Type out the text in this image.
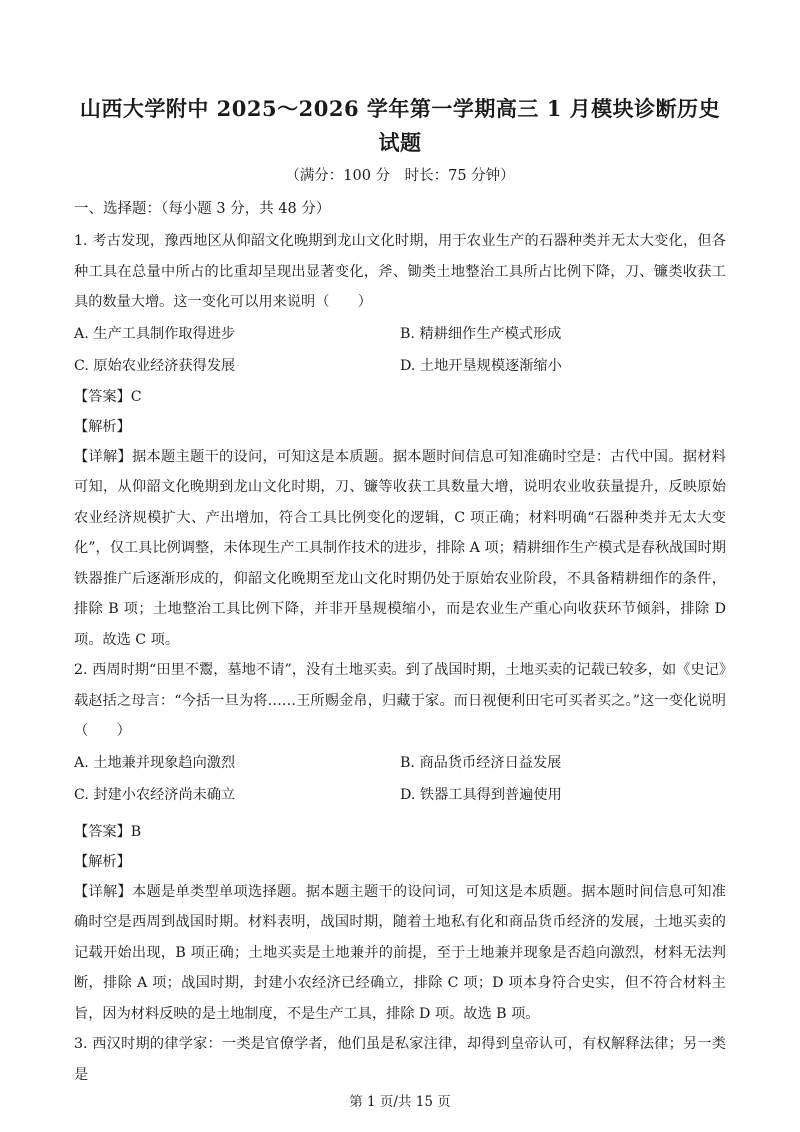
山西大学附中 2025～2026 学年第一学期高三 1 月模块诊断历史试题

（满分：100 分　时长：75 分钟）

一、选择题：（每小题 3 分，共 48 分）

1. 考古发现，豫西地区从仰韶文化晚期到龙山文化时期，用于农业生产的石器种类并无太大变化，但各种工具在总量中所占的比重却呈现出显著变化，斧、锄类土地整治工具所占比例下降，刀、镰类收获工具的数量大增。这一变化可以用来说明（　　）

A. 生产工具制作取得进步	B. 精耕细作生产模式形成
C. 原始农业经济获得发展	D. 土地开垦规模逐渐缩小

【答案】C

【解析】

【详解】据本题主题干的设问，可知这是本质题。据本题时间信息可知准确时空是：古代中国。据材料可知，从仰韶文化晚期到龙山文化时期，刀、镰等收获工具数量大增，说明农业收获量提升，反映原始农业经济规模扩大、产出增加，符合工具比例变化的逻辑，C 项正确；材料明确“石器种类并无太大变化”，仅工具比例调整，未体现生产工具制作技术的进步，排除 A 项；精耕细作生产模式是春秋战国时期铁器推广后逐渐形成的，仰韶文化晚期至龙山文化时期仍处于原始农业阶段，不具备精耕细作的条件，排除 B 项；土地整治工具比例下降，并非开垦规模缩小，而是农业生产重心向收获环节倾斜，排除 D 项。故选 C 项。

2. 西周时期“田里不鬻，墓地不请”，没有土地买卖。到了战国时期，土地买卖的记载已较多，如《史记》载赵括之母言：“今括一旦为将……王所赐金帛，归藏于家。而日视便利田宅可买者买之。”这一变化说明（　　）

A. 土地兼并现象趋向激烈	B. 商品货币经济日益发展
C. 封建小农经济尚未确立	D. 铁器工具得到普遍使用

【答案】B

【解析】

【详解】本题是单类型单项选择题。据本题主题干的设问词，可知这是本质题。据本题时间信息可知准确时空是西周到战国时期。材料表明，战国时期，随着土地私有化和商品货币经济的发展，土地买卖的记载开始出现，B 项正确；土地买卖是土地兼并的前提，至于土地兼并现象是否趋向激烈，材料无法判断，排除 A 项；战国时期，封建小农经济已经确立，排除 C 项；D 项本身符合史实，但不符合材料主旨，因为材料反映的是土地制度，不是生产工具，排除 D 项。故选 B 项。

3. 西汉时期的律学家：一类是官僚学者，他们虽是私家注律，却得到皇帝认可，有权解释法律；另一类是

第 1 页/共 15 页
